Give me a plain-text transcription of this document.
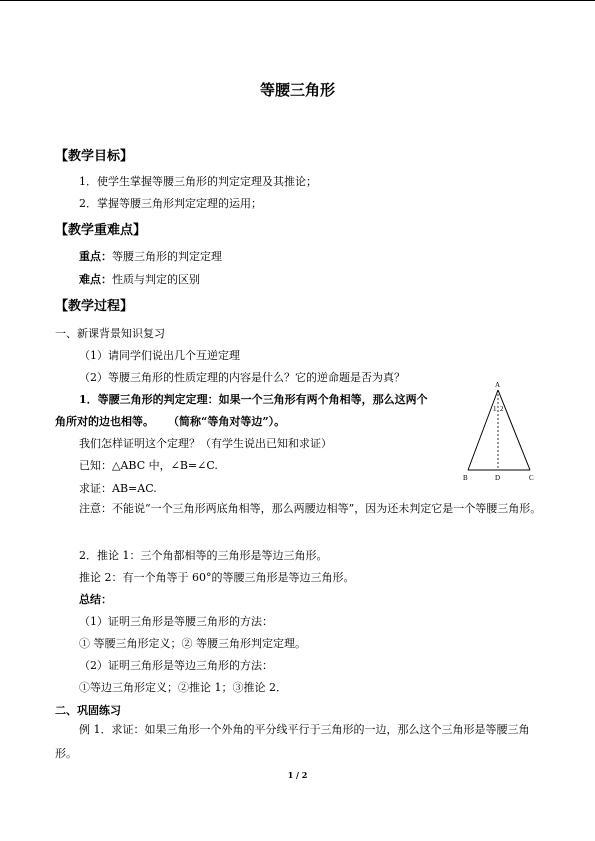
等腰三角形
【教学目标】
1．使学生掌握等腰三角形的判定定理及其推论；
2．掌握等腰三角形判定定理的运用；
【教学重难点】
重点：等腰三角形的判定定理
难点：性质与判定的区别
【教学过程】
一、新课背景知识复习
（1）请同学们说出几个互逆定理
（2）等腰三角形的性质定理的内容是什么？它的逆命题是否为真？
1．等腰三角形的判定定理：如果一个三角形有两个角相等，那么这两个
角所对的边也相等。 （简称“等角对等边”）。
我们怎样证明这个定理？（有学生说出已知和求证）
已知：△ABC 中，∠B=∠C.
求证：AB=AC.
注意：不能说“一个三角形两底角相等，那么两腰边相等”，因为还未判定它是一个等腰三角形。
2．推论 1：三个角都相等的三角形是等边三角形。
推论 2：有一个角等于 60°的等腰三角形是等边三角形。
总结：
（1）证明三角形是等腰三角形的方法：
① 等腰三角形定义；② 等腰三角形判定定理。
（2）证明三角形是等边三角形的方法：
①等边三角形定义；②推论 1；③推论 2．
二、巩固练习
例 1．求证：如果三角形一个外角的平分线平行于三角形的一边，那么这个三角形是等腰三角形。
A
B	D	C
1 2
1 / 2
